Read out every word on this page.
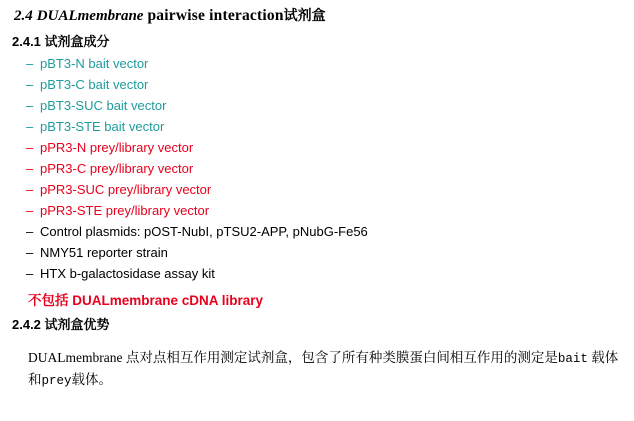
2.4 DUALmembrane pairwise interaction试剂盒
2.4.1 试剂盒成分
– pBT3-N bait vector
– pBT3-C bait vector
– pBT3-SUC bait vector
– pBT3-STE bait vector
– pPR3-N prey/library vector
– pPR3-C prey/library vector
– pPR3-SUC prey/library vector
– pPR3-STE prey/library vector
– Control plasmids: pOST-NubI, pTSU2-APP, pNubG-Fe56
– NMY51 reporter strain
– HTX b-galactosidase assay kit
不包括 DUALmembrane cDNA library
2.4.2 试剂盒优势
DUALmembrane 点对点相互作用测定试剂盒，包含了所有种类膜蛋白间相互作用的测定是bait 载体和prey载体。
